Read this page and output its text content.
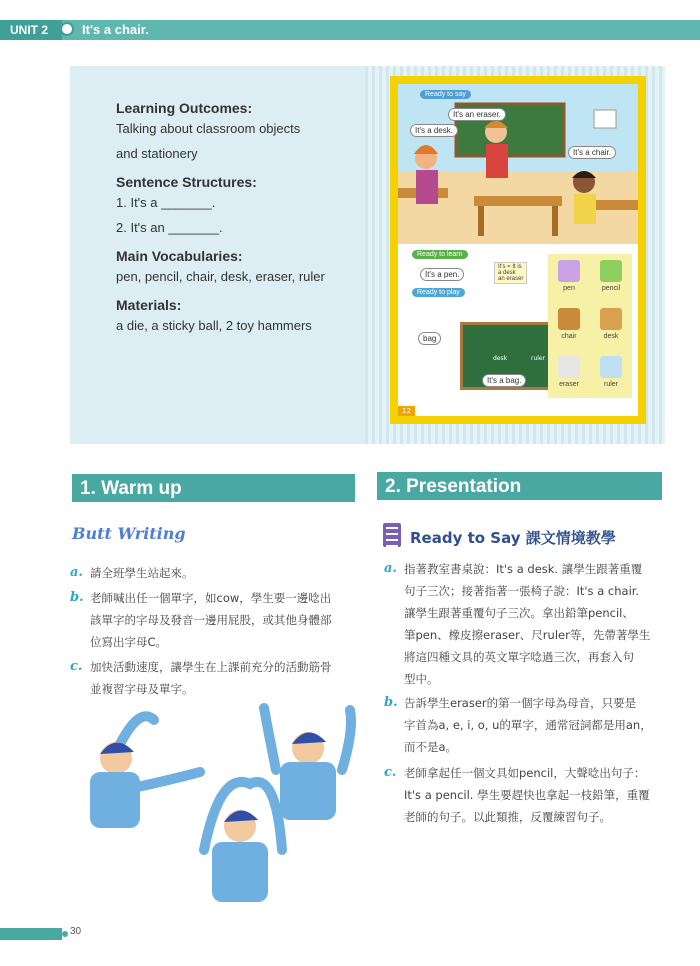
UNIT 2	It's a chair.

Learning Outcomes:

Talking about classroom objects

and stationery

Sentence Structures:

1. It's a _______.

2. It's an _______.

Main Vocabularies:

pen, pencil, chair, desk, eraser, ruler

Materials:

a die, a sticky ball, 2 toy hammers

Ready to say
It's an eraser.
It's a desk.
It's a chair.
Ready to learn
It's a pen.
It's = It is
a desk
an eraser
Ready to play
desk	ruler
bag
It's a bag.
pen	pencil
chair	desk
eraser	ruler
12
1. Warm up
Butt Writing
a. 請全班學生站起來。
b. 老師喊出任一個單字，如cow，學生要一邊唸出
該單字的字母及發音一邊用屁股，或其他身體部
位寫出字母C。
c. 加快活動速度，讓學生在上課前充分的活動筋骨
並複習字母及單字。
2. Presentation
Ready to Say 課文情境教學
a. 指著教室書桌說：It's a desk. 讓學生跟著重覆
句子三次；接著指著一張椅子說：It's a chair.
讓學生跟著重覆句子三次。拿出鉛筆pencil、
筆pen、橡皮擦eraser、尺ruler等，先帶著學生
將這四種文具的英文單字唸過三次，再套入句
型中。
b. 告訴學生eraser的第一個字母為母音，只要是
字首為a, e, i, o, u的單字，通常冠詞都是用an，
而不是a。
c. 老師拿起任一個文具如pencil，大聲唸出句子：
It's a pencil. 學生要趕快也拿起一枝鉛筆，重覆
老師的句子。以此類推，反覆練習句子。
30
